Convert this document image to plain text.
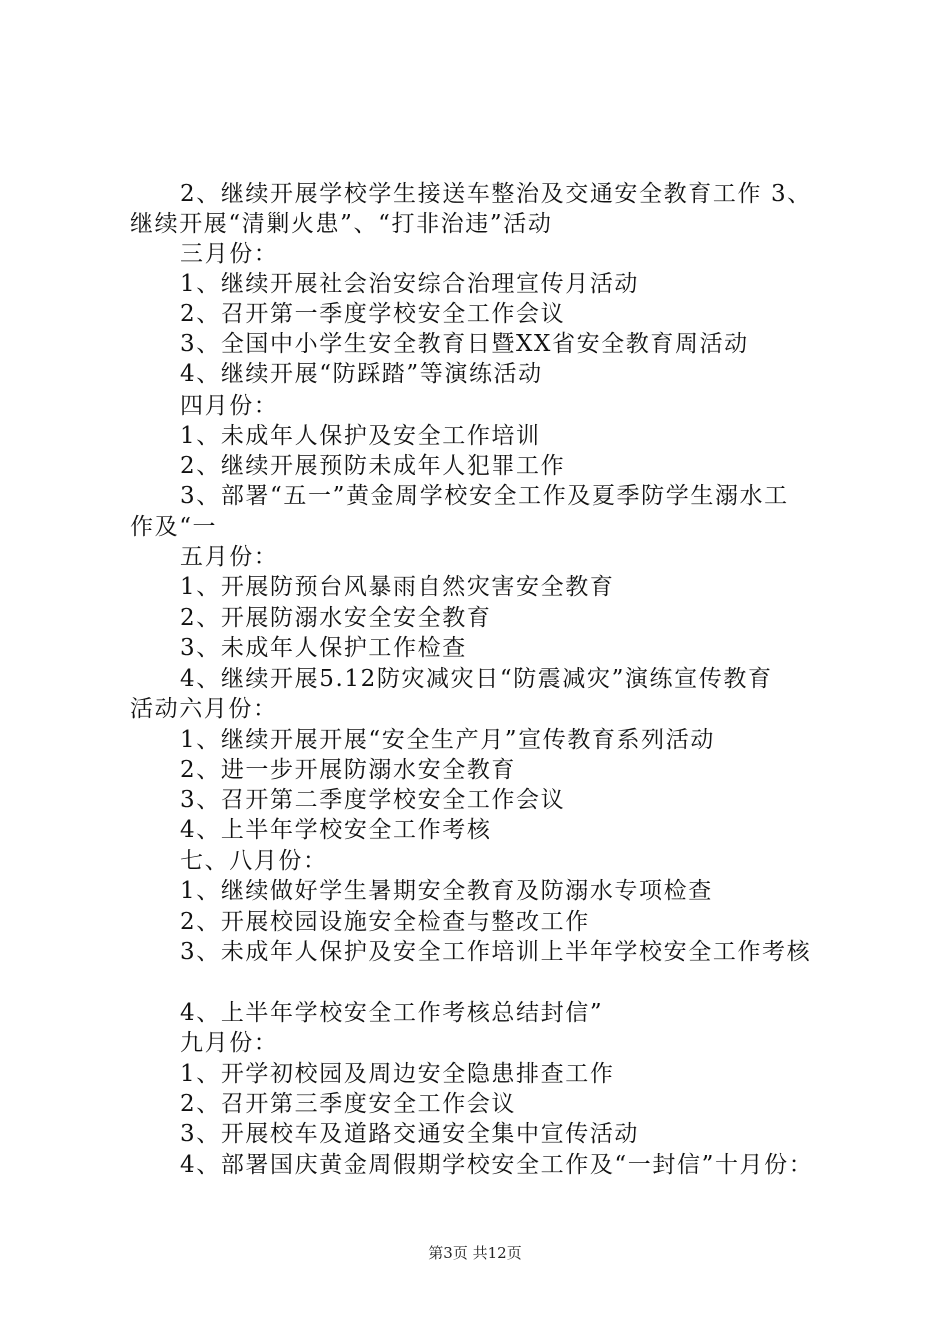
2、继续开展学校学生接送车整治及交通安全教育工作 3、
继续开展“清剿火患”、“打非治违”活动
三月份：
1、继续开展社会治安综合治理宣传月活动
2、召开第一季度学校安全工作会议
3、全国中小学生安全教育日暨XX省安全教育周活动
4、继续开展“防踩踏”等演练活动
四月份：
1、未成年人保护及安全工作培训
2、继续开展预防未成年人犯罪工作
3、部署“五一”黄金周学校安全工作及夏季防学生溺水工
作及“一
五月份：
1、开展防预台风暴雨自然灾害安全教育
2、开展防溺水安全安全教育
3、未成年人保护工作检查
4、继续开展5.12防灾减灾日“防震减灾”演练宣传教育
活动六月份：
1、继续开展开展“安全生产月”宣传教育系列活动
2、进一步开展防溺水安全教育
3、召开第二季度学校安全工作会议
4、上半年学校安全工作考核
七、八月份：
1、继续做好学生暑期安全教育及防溺水专项检查
2、开展校园设施安全检查与整改工作
3、未成年人保护及安全工作培训上半年学校安全工作考核
4、上半年学校安全工作考核总结封信”
九月份：
1、开学初校园及周边安全隐患排查工作
2、召开第三季度安全工作会议
3、开展校车及道路交通安全集中宣传活动
4、部署国庆黄金周假期学校安全工作及“一封信”十月份：
第3页 共12页
